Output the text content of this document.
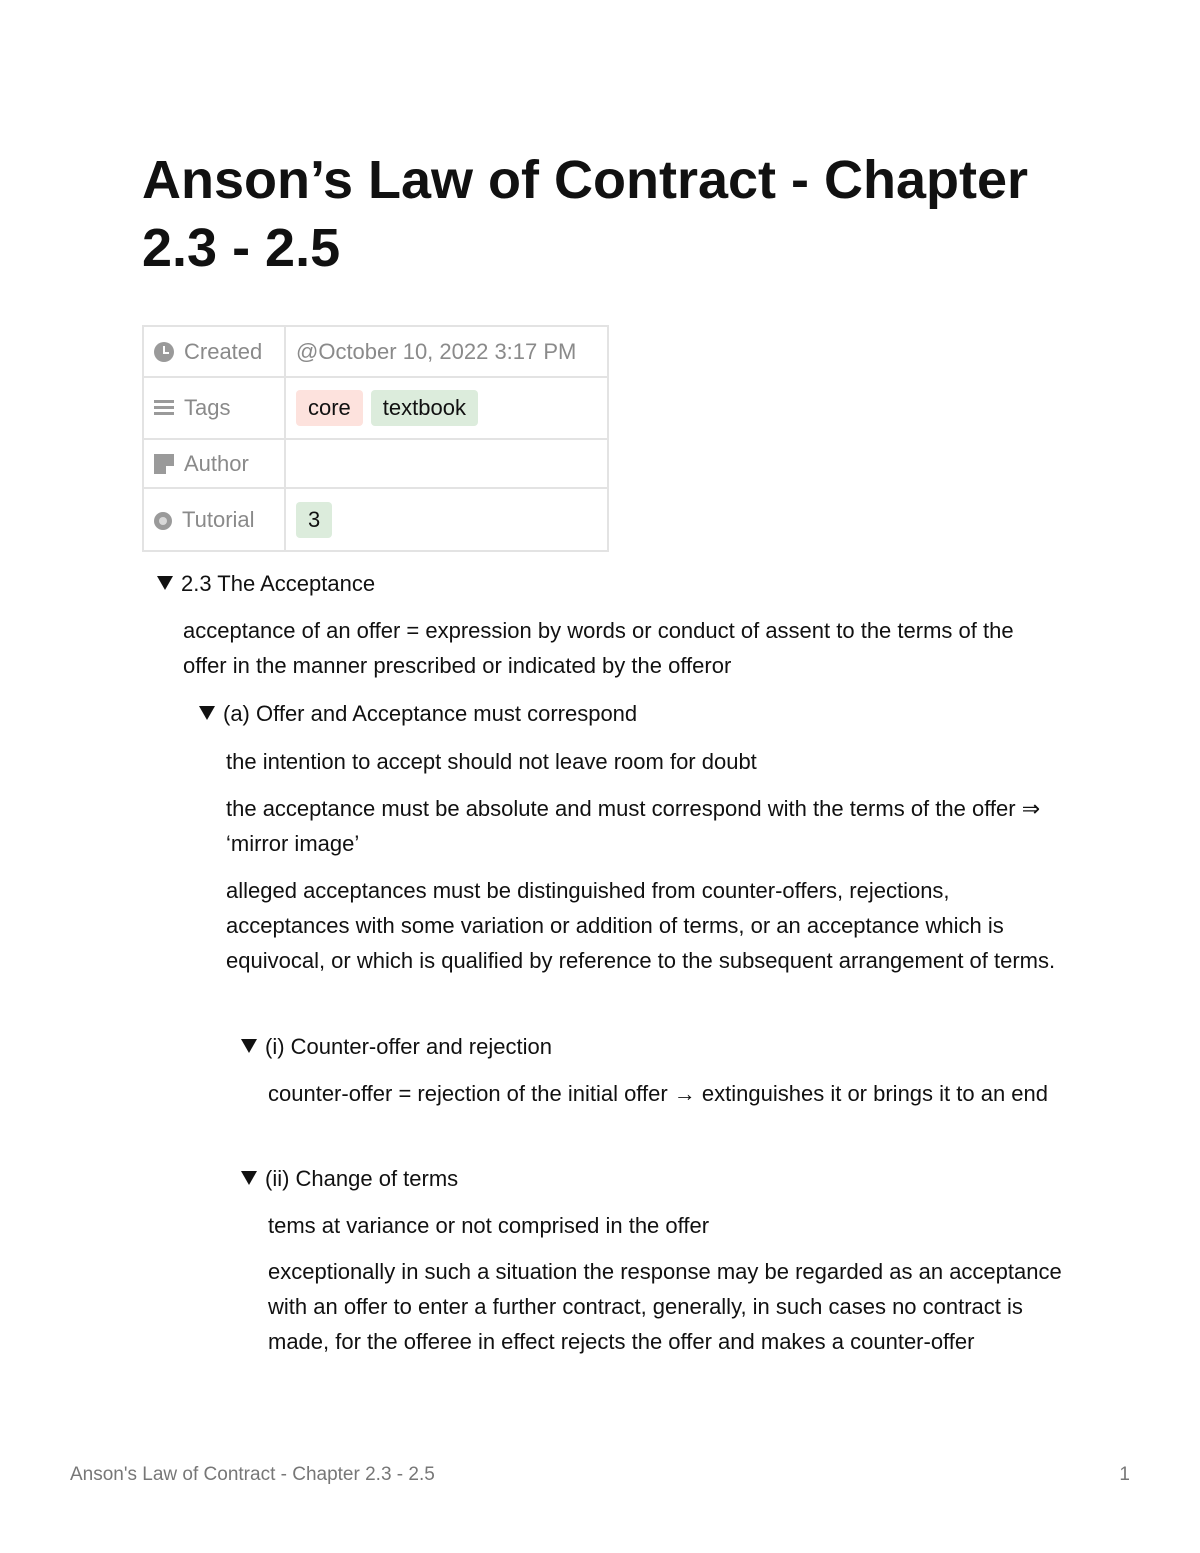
Anson’s Law of Contract - Chapter 2.3 - 2.5
Created	@October 10, 2022 3:17 PM
Tags	core textbook
Author	
Tutorial	3
2.3 The Acceptance

acceptance of an offer = expression by words or conduct of assent to the terms of the offer in the manner prescribed or indicated by the offeror

(a) Offer and Acceptance must correspond

the intention to accept should not leave room for doubt

the acceptance must be absolute and must correspond with the terms of the offer ⇒ ‘mirror image’

alleged acceptances must be distinguished from counter-offers, rejections, acceptances with some variation or addition of terms, or an acceptance which is equivocal, or which is qualified by reference to the subsequent arrangement of terms.

(i) Counter-offer and rejection

counter-offer = rejection of the initial offer → extinguishes it or brings it to an end

(ii) Change of terms

tems at variance or not comprised in the offer

exceptionally in such a situation the response may be regarded as an acceptance with an offer to enter a further contract, generally, in such cases no contract is made, for the offeree in effect rejects the offer and makes a counter-offer

Anson's Law of Contract - Chapter 2.3 - 2.5	1
